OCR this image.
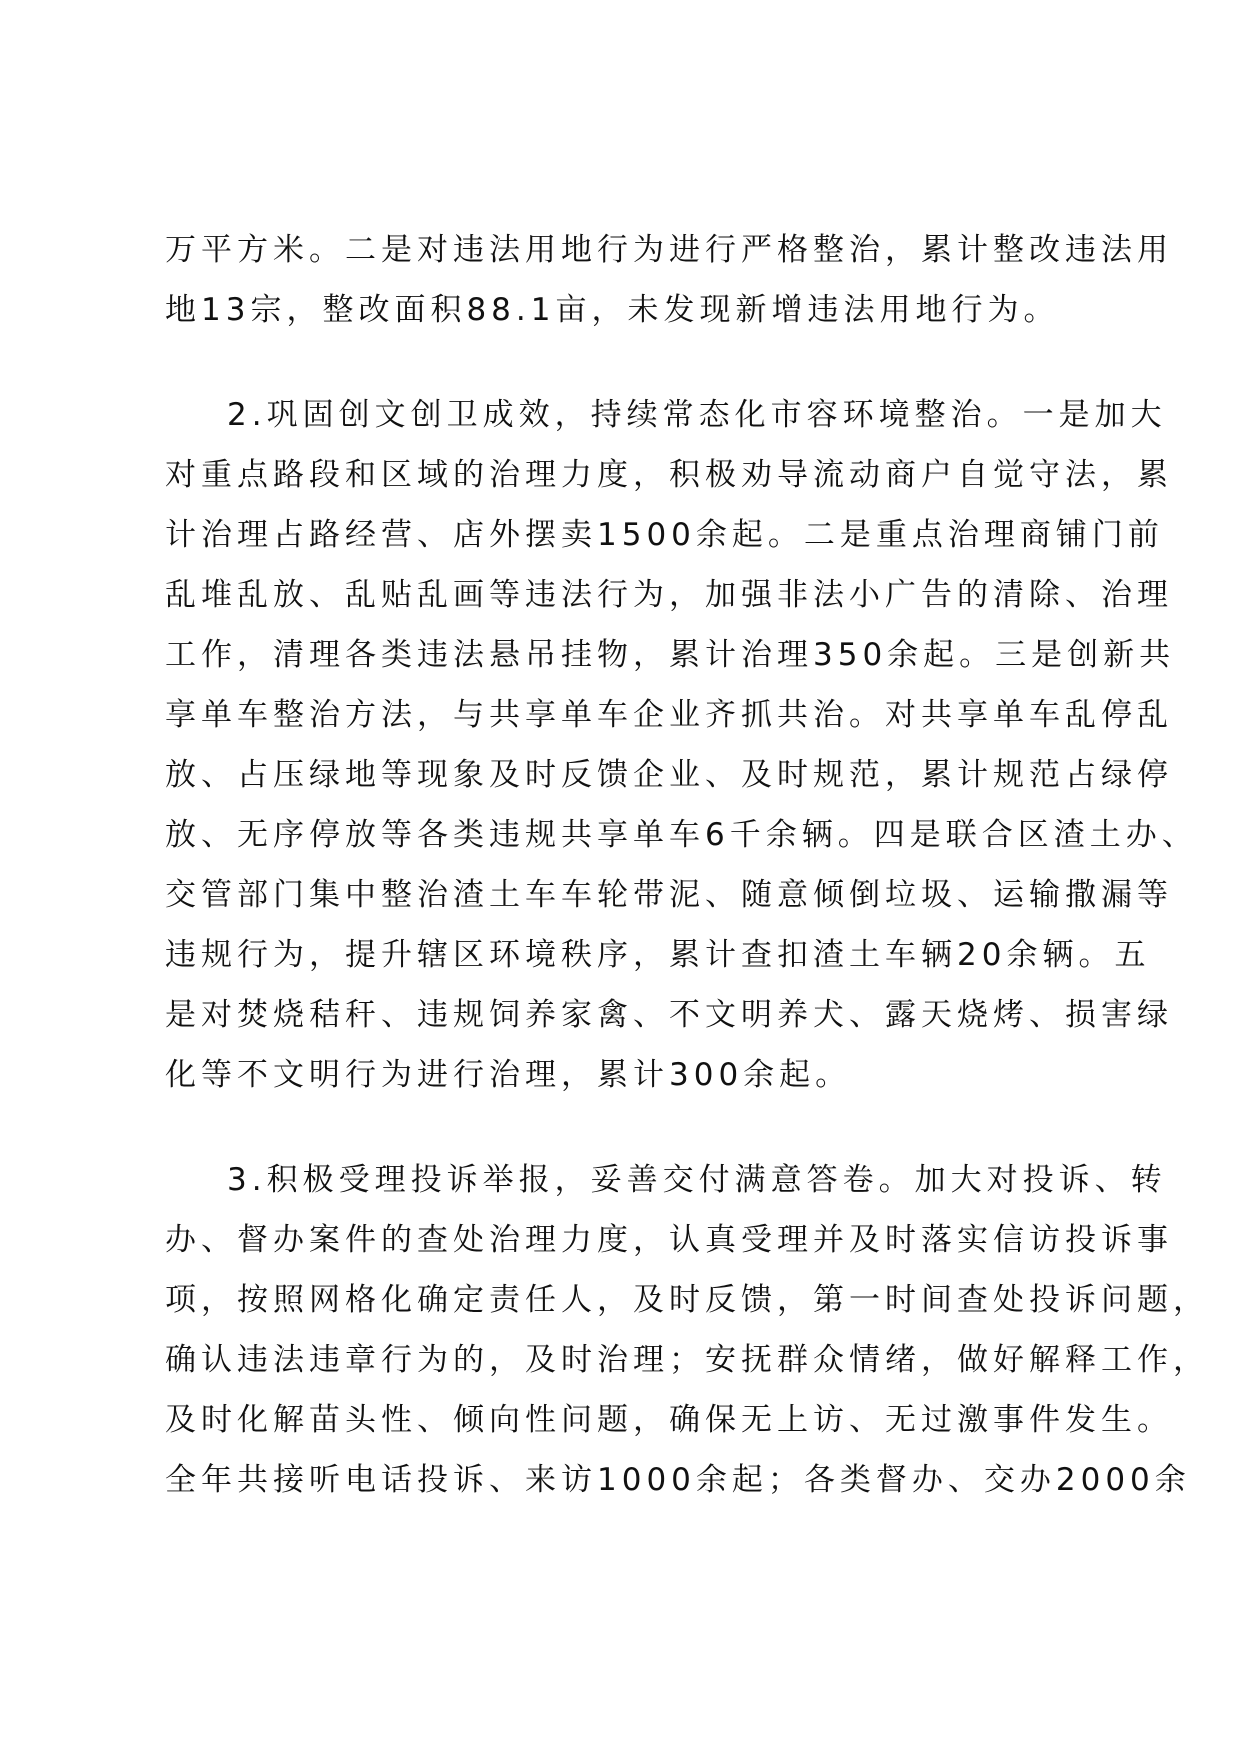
万平方米。二是对违法用地行为进行严格整治，累计整改违法用
地13宗，整改面积88.1亩，未发现新增违法用地行为。
2.巩固创文创卫成效，持续常态化市容环境整治。一是加大
对重点路段和区域的治理力度，积极劝导流动商户自觉守法，累
计治理占路经营、店外摆卖1500余起。二是重点治理商铺门前
乱堆乱放、乱贴乱画等违法行为，加强非法小广告的清除、治理
工作，清理各类违法悬吊挂物，累计治理350余起。三是创新共
享单车整治方法，与共享单车企业齐抓共治。对共享单车乱停乱
放、占压绿地等现象及时反馈企业、及时规范，累计规范占绿停
放、无序停放等各类违规共享单车6千余辆。四是联合区渣土办、
交管部门集中整治渣土车车轮带泥、随意倾倒垃圾、运输撒漏等
违规行为，提升辖区环境秩序，累计查扣渣土车辆20余辆。五
是对焚烧秸秆、违规饲养家禽、不文明养犬、露天烧烤、损害绿
化等不文明行为进行治理，累计300余起。
3.积极受理投诉举报，妥善交付满意答卷。加大对投诉、转
办、督办案件的查处治理力度，认真受理并及时落实信访投诉事
项，按照网格化确定责任人，及时反馈，第一时间查处投诉问题，
确认违法违章行为的，及时治理；安抚群众情绪，做好解释工作，
及时化解苗头性、倾向性问题，确保无上访、无过激事件发生。
全年共接听电话投诉、来访1000余起；各类督办、交办2000余
